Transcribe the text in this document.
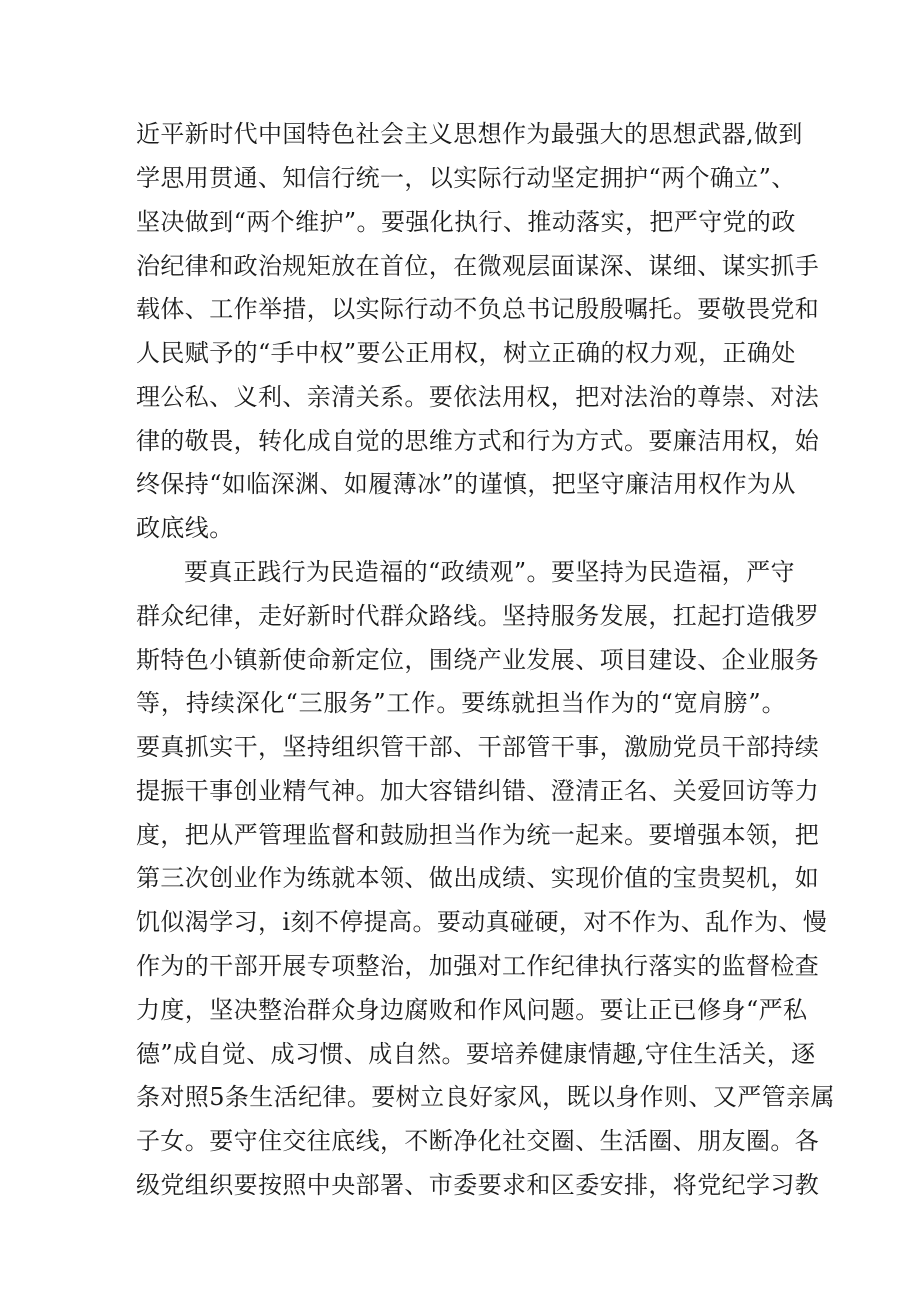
近平新时代中国特色社会主义思想作为最强大的思想武器,做到
学思用贯通、知信行统一，以实际行动坚定拥护“两个确立”、
坚决做到“两个维护”。要强化执行、推动落实，把严守党的政
治纪律和政治规矩放在首位，在微观层面谋深、谋细、谋实抓手
载体、工作举措，以实际行动不负总书记殷殷嘱托。要敬畏党和
人民赋予的“手中权”要公正用权，树立正确的权力观，正确处
理公私、义利、亲清关系。要依法用权，把对法治的尊崇、对法
律的敬畏，转化成自觉的思维方式和行为方式。要廉洁用权，始
终保持“如临深渊、如履薄冰”的谨慎，把坚守廉洁用权作为从
政底线。
要真正践行为民造福的“政绩观”。要坚持为民造福，严守
群众纪律，走好新时代群众路线。坚持服务发展，扛起打造俄罗
斯特色小镇新使命新定位，围绕产业发展、项目建设、企业服务
等，持续深化“三服务”工作。要练就担当作为的“宽肩膀”。
要真抓实干，坚持组织管干部、干部管干事，激励党员干部持续
提振干事创业精气神。加大容错纠错、澄清正名、关爱回访等力
度，把从严管理监督和鼓励担当作为统一起来。要增强本领，把
第三次创业作为练就本领、做出成绩、实现价值的宝贵契机，如
饥似渴学习，i刻不停提高。要动真碰硬，对不作为、乱作为、慢
作为的干部开展专项整治，加强对工作纪律执行落实的监督检查
力度，坚决整治群众身边腐败和作风问题。要让正已修身“严私
德”成自觉、成习惯、成自然。要培养健康情趣,守住生活关，逐
条对照5条生活纪律。要树立良好家风，既以身作则、又严管亲属
子女。要守住交往底线，不断净化社交圈、生活圈、朋友圈。各
级党组织要按照中央部署、市委要求和区委安排，将党纪学习教
